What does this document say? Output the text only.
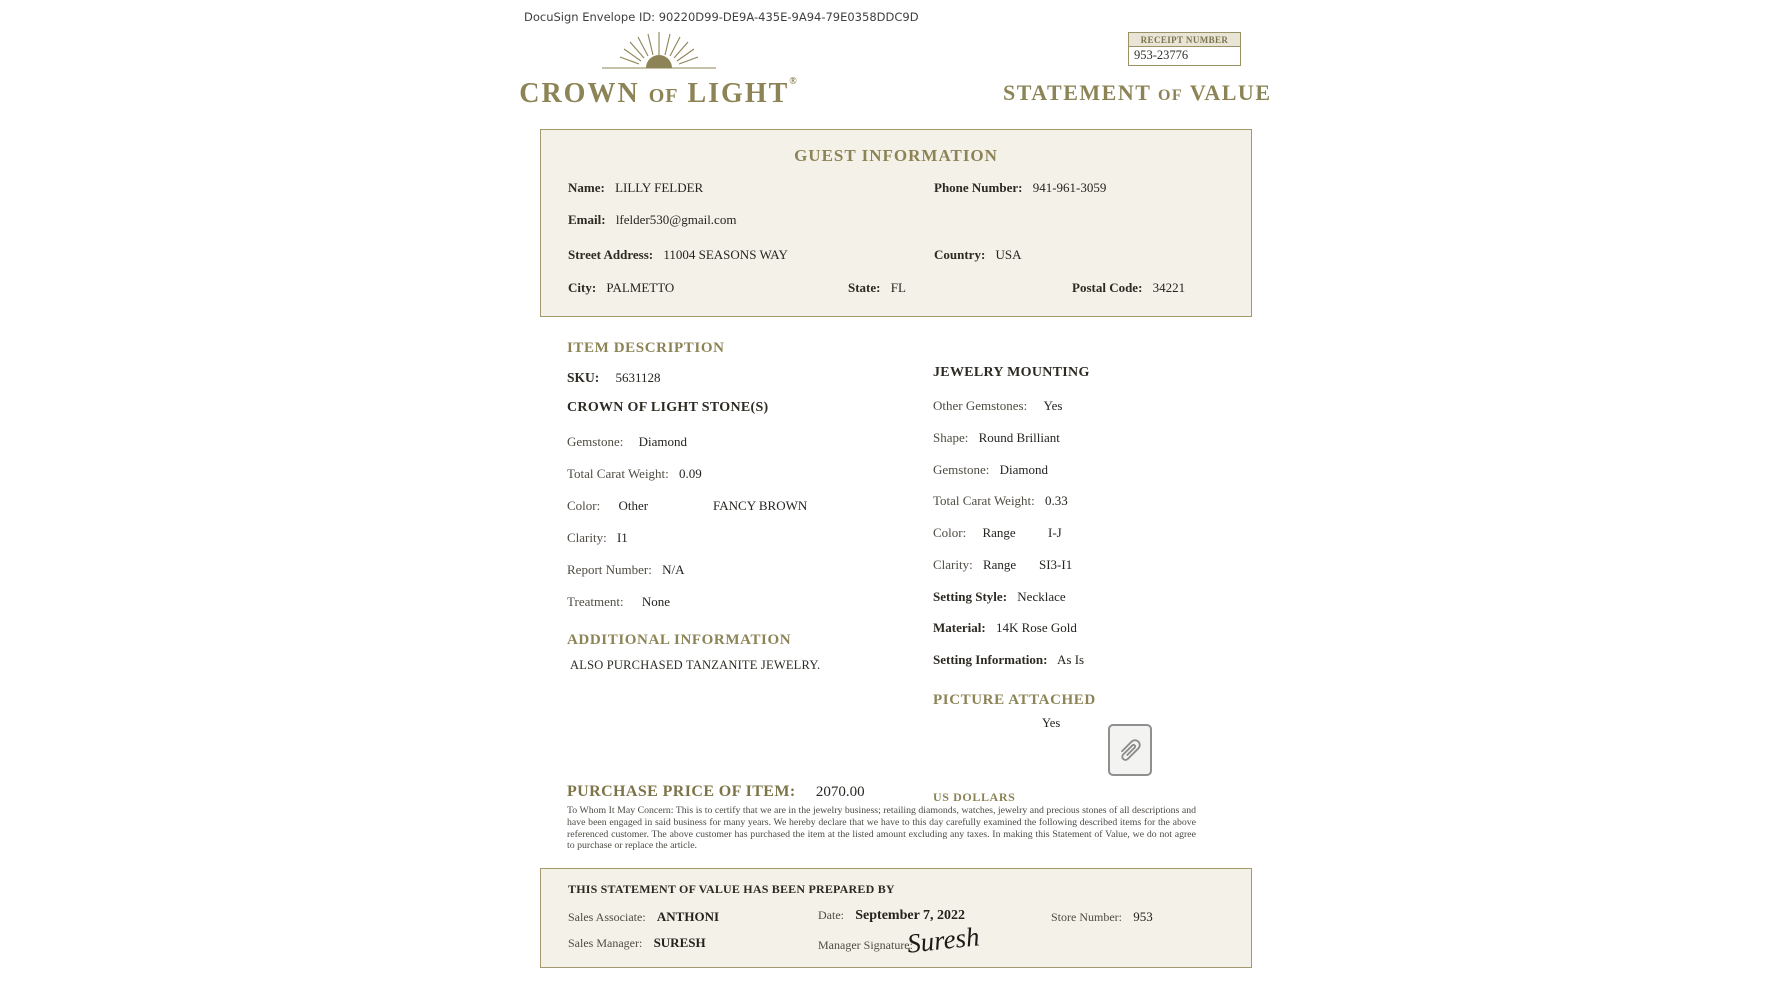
DocuSign Envelope ID: 90220D99-DE9A-435E-9A94-79E0358DDC9D
CROWN OF LIGHT®
RECEIPT NUMBER
953-23776
STATEMENT OF VALUE
GUEST INFORMATION
Name: LILLY FELDER	Phone Number: 941-961-3059
Email: lfelder530@gmail.com
Street Address: 11004 SEASONS WAY	Country: USA
City: PALMETTO	State: FL	Postal Code: 34221
ITEM DESCRIPTION
SKU: 5631128
CROWN OF LIGHT STONE(S)
Gemstone: Diamond
Total Carat Weight: 0.09
Color: Other	FANCY BROWN
Clarity: I1
Report Number: N/A
Treatment: None
ADDITIONAL INFORMATION
ALSO PURCHASED TANZANITE JEWELRY.
JEWELRY MOUNTING
Other Gemstones: Yes
Shape: Round Brilliant
Gemstone: Diamond
Total Carat Weight: 0.33
Color: Range I-J
Clarity: Range SI3-I1
Setting Style: Necklace
Material: 14K Rose Gold
Setting Information: As Is
PICTURE ATTACHED
Yes
PURCHASE PRICE OF ITEM: 2070.00	US DOLLARS
To Whom It May Concern: This is to certify that we are in the jewelry business; retailing diamonds, watches, jewelry and precious stones of all descriptions and have been engaged in said business for many years. We hereby declare that we have to this day carefully examined the following described items for the above referenced customer. The above customer has purchased the item at the listed amount excluding any taxes. In making this Statement of Value, we do not agree to purchase or replace the article.
THIS STATEMENT OF VALUE HAS BEEN PREPARED BY
Sales Associate: ANTHONI	Date: September 7, 2022	Store Number: 953
Sales Manager: SURESH	Manager Signature:
Suresh
